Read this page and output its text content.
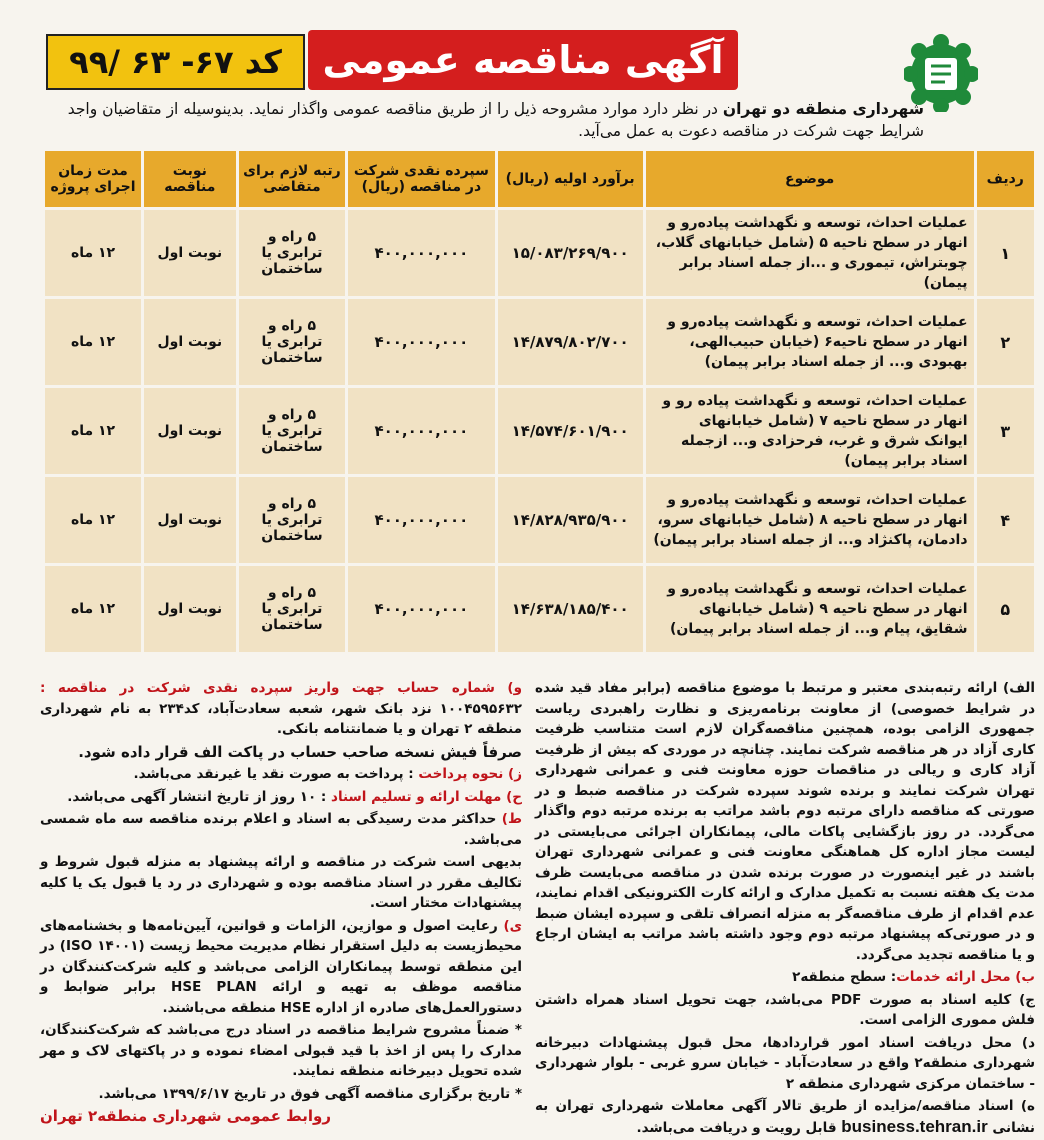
کد ۶۷- ۶۳ /۹۹	آگهی مناقصه عمومی
شهرداری منطقه دو تهران در نظر دارد موارد مشروحه ذیل را از طریق مناقصه عمومی واگذار نماید. بدینوسیله از متقاضیان واجد شرایط جهت شرکت در مناقصه دعوت به عمل می‌آید.
ردیف	موضوع	برآورد اولیه (ریال)	سپرده نقدی شرکت در مناقصه (ریال)	رتبه لازم برای متقاضی	نوبت مناقصه	مدت زمان اجرای پروژه
۱	عملیات احداث، توسعه و نگهداشت پیاده‌رو و انهار در سطح ناحیه ۵ (شامل خیابانهای گلاب، چوبتراش، تیموری و ...از جمله اسناد برابر پیمان)	۱۵/۰۸۳/۲۶۹/۹۰۰	۴۰۰,۰۰۰,۰۰۰	۵ راه و ترابری یا ساختمان	نوبت اول	۱۲ ماه
۲	عملیات احداث، توسعه و نگهداشت پیاده‌رو و انهار در سطح ناحیه۶ (خیابان حبیب‌الهی، بهبودی و... از جمله اسناد برابر پیمان)	۱۴/۸۷۹/۸۰۲/۷۰۰	۴۰۰,۰۰۰,۰۰۰	۵ راه و ترابری یا ساختمان	نوبت اول	۱۲ ماه
۳	عملیات احداث، توسعه و نگهداشت پیاده رو و انهار در سطح ناحیه ۷ (شامل خیابانهای ایوانک شرق و غرب، فرحزادی و... ازجمله اسناد برابر پیمان)	۱۴/۵۷۴/۶۰۱/۹۰۰	۴۰۰,۰۰۰,۰۰۰	۵ راه و ترابری یا ساختمان	نوبت اول	۱۲ ماه
۴	عملیات احداث، توسعه و نگهداشت پیاده‌رو و انهار در سطح ناحیه ۸ (شامل خیابانهای سرو، دادمان، پاکنژاد و... از جمله اسناد برابر پیمان)	۱۴/۸۲۸/۹۳۵/۹۰۰	۴۰۰,۰۰۰,۰۰۰	۵ راه و ترابری یا ساختمان	نوبت اول	۱۲ ماه
۵	عملیات احداث، توسعه و نگهداشت پیاده‌رو و انهار در سطح ناحیه ۹ (شامل خیابانهای شقایق، پیام و... از جمله اسناد برابر پیمان)	۱۴/۶۳۸/۱۸۵/۴۰۰	۴۰۰,۰۰۰,۰۰۰	۵ راه و ترابری یا ساختمان	نوبت اول	۱۲ ماه

الف) ارائه رتبه‌بندی معتبر و مرتبط با موضوع مناقصه (برابر مفاد قید شده در شرایط خصوصی) از معاونت برنامه‌ریزی و نظارت راهبردی ریاست جمهوری الزامی بوده، همچنین مناقصه‌گران لازم است متناسب ظرفیت کاری آزاد در هر مناقصه شرکت نمایند. چنانچه در موردی که بیش از ظرفیت آزاد کاری و ریالی در مناقصات حوزه معاونت فنی و عمرانی شهرداری تهران شرکت نمایند و برنده شوند سپرده شرکت در مناقصه ضبط و در صورتی که مناقصه دارای مرتبه دوم باشد مراتب به برنده مرتبه دوم واگذار می‌گردد. در روز بازگشایی پاکات مالی، پیمانکاران اجرائی می‌بایستی در لیست مجاز اداره کل هماهنگی معاونت فنی و عمرانی شهرداری تهران باشند در غیر اینصورت در صورت برنده شدن در مناقصه می‌بایست ظرف مدت یک هفته نسبت به تکمیل مدارک و ارائه کارت الکترونیکی اقدام نمایند، عدم اقدام از طرف مناقصه‌گر به منزله انصراف تلقی و سپرده ایشان ضبط و در صورتی‌که پیشنهاد مرتبه دوم وجود داشته باشد مراتب به ایشان ارجاع و یا مناقصه تجدید می‌گردد.

ب) محل ارائه خدمات: سطح منطقه۲

ج) کلیه اسناد به صورت PDF می‌باشد، جهت تحویل اسناد همراه داشتن فلش مموری الزامی است.

د) محل دریافت اسناد امور قراردادها، محل قبول پیشنهادات دبیرخانه شهرداری منطقه۲ واقع در سعادت‌آباد - خیابان سرو غربی - بلوار شهرداری - ساختمان مرکزی شهرداری منطقه ۲

ه) اسناد مناقصه/مزایده از طریق تالار آگهی معاملات شهرداری تهران به نشانی business.tehran.ir قابل رویت و دریافت می‌باشد.

و) شماره حساب جهت واریز سپرده نقدی شرکت در مناقصه : ۱۰۰۴۵۹۵۶۳۲ نزد بانک شهر، شعبه سعادت‌آباد، کد۲۳۴ به نام شهرداری منطقه ۲ تهران و یا ضمانتنامه بانکی.

صرفاً فیش نسخه صاحب حساب در پاکت الف قرار داده شود.

ز) نحوه پرداخت : پرداخت به صورت نقد یا غیرنقد می‌باشد.

ح) مهلت ارائه و تسلیم اسناد : ۱۰ روز از تاریخ انتشار آگهی می‌باشد.

ط) حداکثر مدت رسیدگی به اسناد و اعلام برنده مناقصه سه ماه شمسی می‌باشد.

بدیهی است شرکت در مناقصه و ارائه پیشنهاد به منزله قبول شروط و تکالیف مقرر در اسناد مناقصه بوده و شهرداری در رد یا قبول یک یا کلیه پیشنهادات مختار است.

ی) رعایت اصول و موازین، الزامات و قوانین، آیین‌نامه‌ها و بخشنامه‌های محیط‌زیست به دلیل استقرار نظام مدیریت محیط زیست (ISO ۱۴۰۰۱) در این منطقه توسط پیمانکاران الزامی می‌باشد و کلیه شرکت‌کنندگان در مناقصه موظف به تهیه و ارائه HSE PLAN برابر ضوابط و دستورالعمل‌های صادره از اداره HSE منطقه می‌باشند.

* ضمناً مشروح شرایط مناقصه در اسناد درج می‌باشد که شرکت‌کنندگان، مدارک را پس از اخذ با قید قبولی امضاء نموده و در پاکتهای لاک و مهر شده تحویل دبیرخانه منطقه نمایند.

* تاریخ برگزاری مناقصه آگهی فوق در تاریخ ۱۳۹۹/۶/۱۷ می‌باشد.

روابط عمومی شهرداری منطقه۲ تهران
